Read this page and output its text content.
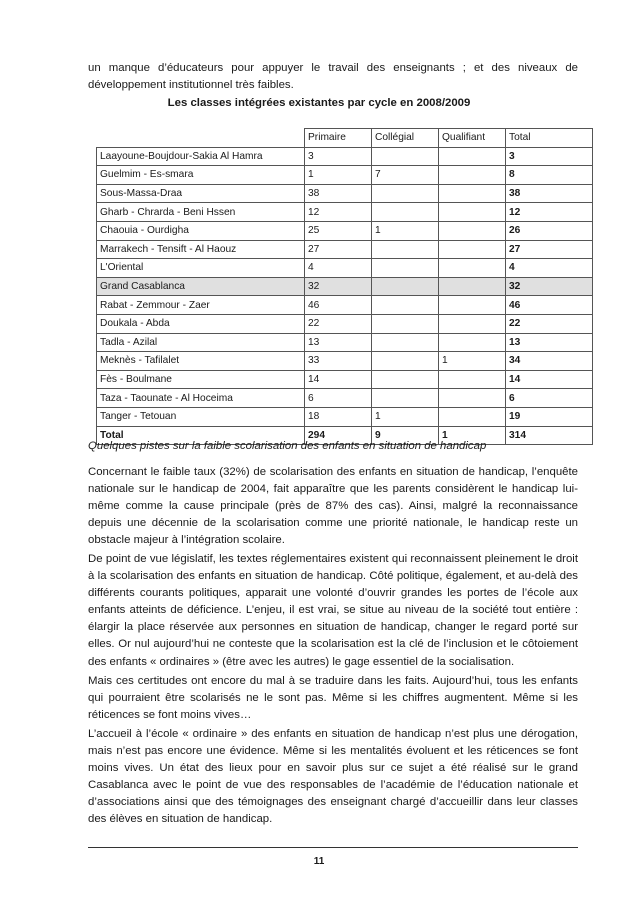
un manque d’éducateurs pour appuyer le travail des enseignants ; et des niveaux de développement institutionnel très faibles.

Les classes intégrées existantes par cycle en 2008/2009

	Primaire	Collégial	Qualifiant	Total
Laayoune-Boujdour-Sakia Al Hamra	3			3
Guelmim - Es-smara	1	7		8
Sous-Massa-Draa	38			38
Gharb - Chrarda - Beni Hssen	12			12
Chaouia - Ourdigha	25	1		26
Marrakech - Tensift - Al Haouz	27			27
L'Oriental	4			4
Grand Casablanca	32			32
Rabat - Zemmour - Zaer	46			46
Doukala - Abda	22			22
Tadla - Azilal	13			13
Meknès - Tafilalet	33		1	34
Fès - Boulmane	14			14
Taza - Taounate - Al Hoceima	6			6
Tanger - Tetouan	18	1		19
Total	294	9	1	314

Quelques pistes sur la faible scolarisation des enfants en situation de handicap

Concernant le faible taux (32%) de scolarisation des enfants en situation de handicap, l’enquête nationale sur le handicap de 2004, fait apparaître que les parents considèrent le handicap lui-même comme la cause principale (près de 87% des cas). Ainsi, malgré la reconnaissance depuis une décennie de la scolarisation comme une priorité nationale, le handicap reste un obstacle majeur à l’intégration scolaire.

De point de vue législatif, les textes réglementaires existent qui reconnaissent pleinement le droit à la scolarisation des enfants en situation de handicap. Côté politique, également, et au-delà des différents courants politiques, apparait une volonté d’ouvrir grandes les portes de l’école aux enfants atteints de déficience. L’enjeu, il est vrai, se situe au niveau de la société tout entière : élargir la place réservée aux personnes en situation de handicap, changer le regard porté sur elles. Or nul aujourd’hui ne conteste que la scolarisation est la clé de l’inclusion et le côtoiement des enfants « ordinaires » (être avec les autres) le gage essentiel de la socialisation.

Mais ces certitudes ont encore du mal à se traduire dans les faits. Aujourd’hui, tous les enfants qui pourraient être scolarisés ne le sont pas. Même si les chiffres augmentent. Même si les réticences se font moins vives…

L’accueil à l’école « ordinaire » des enfants en situation de handicap n’est plus une dérogation, mais n’est pas encore une évidence. Même si les mentalités évoluent et les réticences se font moins vives. Un état des lieux pour en savoir plus sur ce sujet a été réalisé sur le grand Casablanca avec le point de vue des responsables de l’académie de l’éducation nationale et d’associations ainsi que des témoignages des enseignant chargé d’accueillir dans leur classes des élèves en situation de handicap.

11
